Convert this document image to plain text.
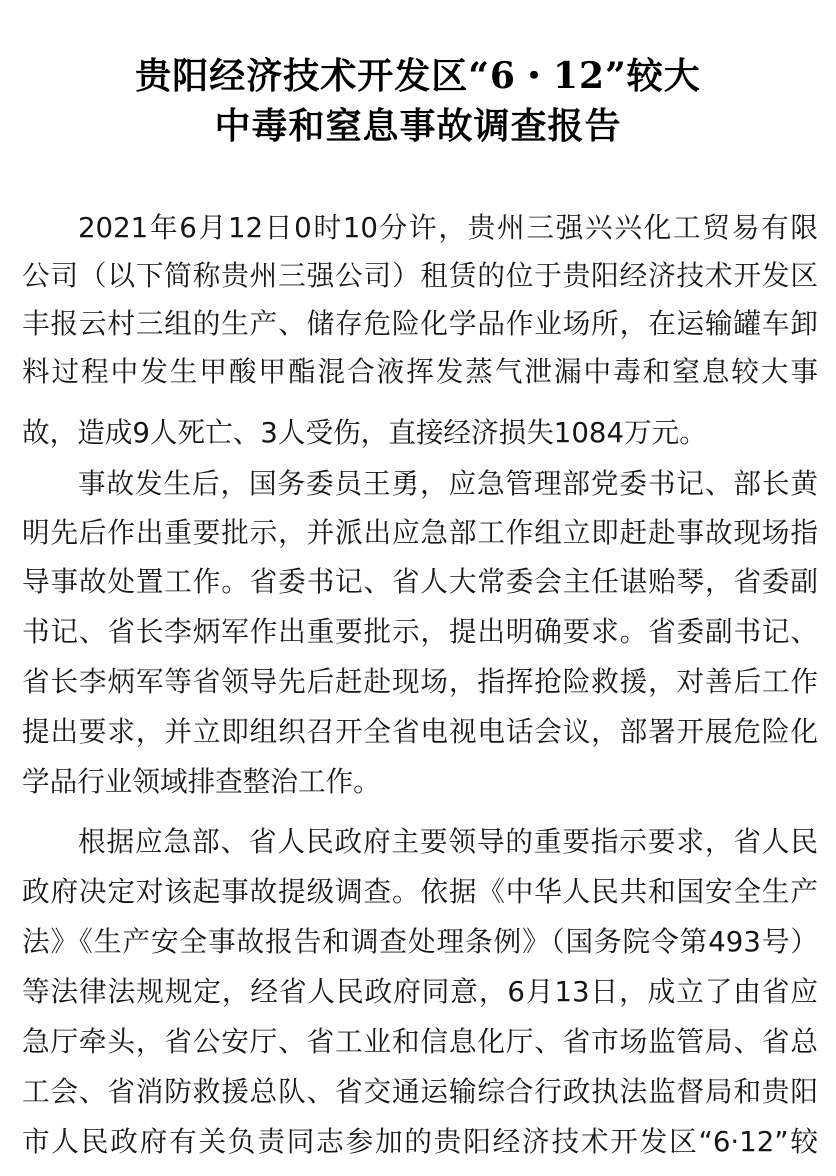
贵阳经济技术开发区“6・12”较大
中毒和窒息事故调查报告
2021年6月12日0时10分许，贵州三强兴兴化工贸易有限
公司（以下简称贵州三强公司）租赁的位于贵阳经济技术开发区
丰报云村三组的生产、储存危险化学品作业场所，在运输罐车卸
料过程中发生甲酸甲酯混合液挥发蒸气泄漏中毒和窒息较大事
故，造成9人死亡、3人受伤，直接经济损失1084万元。
事故发生后，国务委员王勇，应急管理部党委书记、部长黄
明先后作出重要批示，并派出应急部工作组立即赶赴事故现场指
导事故处置工作。省委书记、省人大常委会主任谌贻琴，省委副
书记、省长李炳军作出重要批示，提出明确要求。省委副书记、
省长李炳军等省领导先后赶赴现场，指挥抢险救援，对善后工作
提出要求，并立即组织召开全省电视电话会议，部署开展危险化
学品行业领域排查整治工作。
根据应急部、省人民政府主要领导的重要指示要求，省人民
政府决定对该起事故提级调查。依据《中华人民共和国安全生产
法》《生产安全事故报告和调查处理条例》（国务院令第493号）
等法律法规规定，经省人民政府同意，6月13日，成立了由省应
急厅牵头，省公安厅、省工业和信息化厅、省市场监管局、省总
工会、省消防救援总队、省交通运输综合行政执法监督局和贵阳
市人民政府有关负责同志参加的贵阳经济技术开发区“6·12”较
